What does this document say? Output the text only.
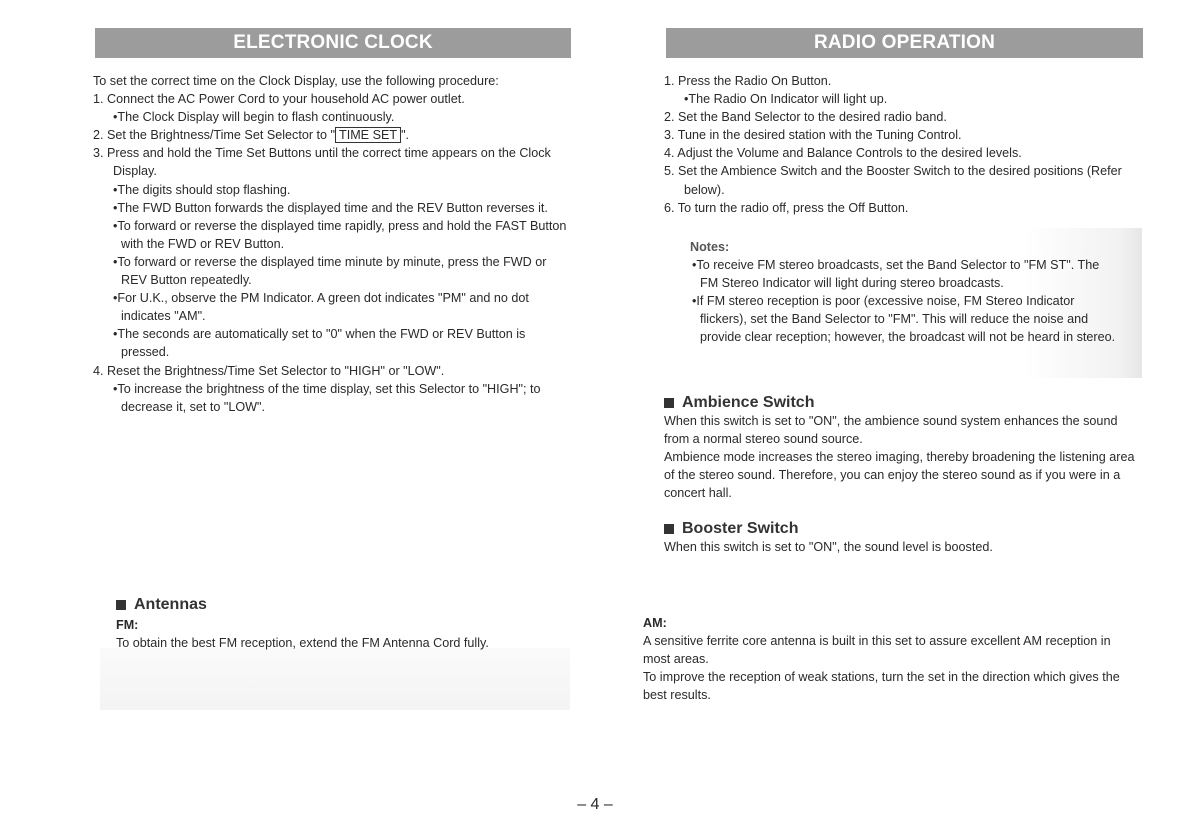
ELECTRONIC CLOCK	RADIO OPERATION

To set the correct time on the Clock Display, use the following procedure:

1. Connect the AC Power Cord to your household AC power outlet.

• The Clock Display will begin to flash continuously.

2. Set the Brightness/Time Set Selector to " TIME SET ".

3. Press and hold the Time Set Buttons until the correct time appears on the Clock Display.

• The digits should stop flashing.

• The FWD Button forwards the displayed time and the REV Button reverses it.

• To forward or reverse the displayed time rapidly, press and hold the FAST Button with the FWD or REV Button.

• To forward or reverse the displayed time minute by minute, press the FWD or REV Button repeatedly.

• For U.K., observe the PM Indicator. A green dot indicates "PM" and no dot indicates "AM".

• The seconds are automatically set to "0" when the FWD or REV Button is pressed.

4. Reset the Brightness/Time Set Selector to "HIGH" or "LOW".

• To increase the brightness of the time display, set this Selector to "HIGH"; to decrease it, set to "LOW".

Antennas

FM:

To obtain the best FM reception, extend the FM Antenna Cord fully.

1. Press the Radio On Button.

• The Radio On Indicator will light up.

2. Set the Band Selector to the desired radio band.

3. Tune in the desired station with the Tuning Control.

4. Adjust the Volume and Balance Controls to the desired levels.

5. Set the Ambience Switch and the Booster Switch to the desired positions (Refer below).

6. To turn the radio off, press the Off Button.

Notes:

• To receive FM stereo broadcasts, set the Band Selector to "FM ST". The FM Stereo Indicator will light during stereo broadcasts.

• If FM stereo reception is poor (excessive noise, FM Stereo Indicator flickers), set the Band Selector to "FM". This will reduce the noise and provide clear reception; however, the broadcast will not be heard in stereo.

Ambience Switch

When this switch is set to "ON", the ambience sound system enhances the sound from a normal stereo sound source.

Ambience mode increases the stereo imaging, thereby broadening the listening area of the stereo sound. Therefore, you can enjoy the stereo sound as if you were in a concert hall.

Booster Switch

When this switch is set to "ON", the sound level is boosted.

AM:

A sensitive ferrite core antenna is built in this set to assure excellent AM reception in most areas.

To improve the reception of weak stations, turn the set in the direction which gives the best results.

– 4 –
